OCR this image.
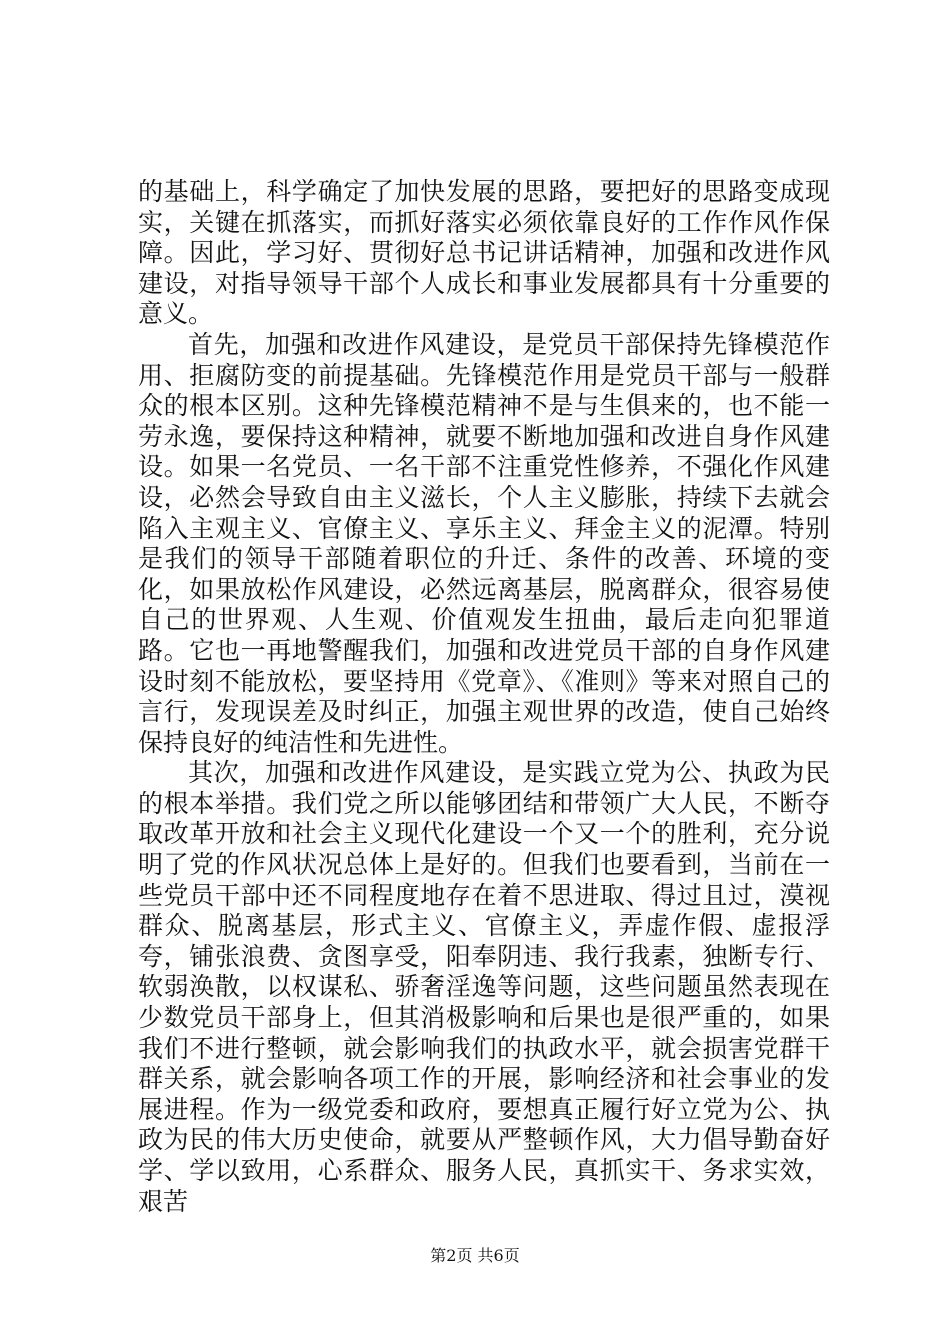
的基础上，科学确定了加快发展的思路，要把好的思路变成现实，关键在抓落实，而抓好落实必须依靠良好的工作作风作保障。因此，学习好、贯彻好总书记讲话精神，加强和改进作风建设，对指导领导干部个人成长和事业发展都具有十分重要的意义。

首先，加强和改进作风建设，是党员干部保持先锋模范作用、拒腐防变的前提基础。先锋模范作用是党员干部与一般群众的根本区别。这种先锋模范精神不是与生俱来的，也不能一劳永逸，要保持这种精神，就要不断地加强和改进自身作风建设。如果一名党员、一名干部不注重党性修养，不强化作风建设，必然会导致自由主义滋长，个人主义膨胀，持续下去就会陷入主观主义、官僚主义、享乐主义、拜金主义的泥潭。特别是我们的领导干部随着职位的升迁、条件的改善、环境的变化，如果放松作风建设，必然远离基层，脱离群众，很容易使自己的世界观、人生观、价值观发生扭曲，最后走向犯罪道路。它也一再地警醒我们，加强和改进党员干部的自身作风建设时刻不能放松，要坚持用《党章》、《准则》等来对照自己的言行，发现误差及时纠正，加强主观世界的改造，使自己始终保持良好的纯洁性和先进性。

其次，加强和改进作风建设，是实践立党为公、执政为民的根本举措。我们党之所以能够团结和带领广大人民，不断夺取改革开放和社会主义现代化建设一个又一个的胜利，充分说明了党的作风状况总体上是好的。但我们也要看到，当前在一些党员干部中还不同程度地存在着不思进取、得过且过，漠视群众、脱离基层，形式主义、官僚主义，弄虚作假、虚报浮夸，铺张浪费、贪图享受，阳奉阴违、我行我素，独断专行、软弱涣散，以权谋私、骄奢淫逸等问题，这些问题虽然表现在少数党员干部身上，但其消极影响和后果也是很严重的，如果我们不进行整顿，就会影响我们的执政水平，就会损害党群干群关系，就会影响各项工作的开展，影响经济和社会事业的发展进程。作为一级党委和政府，要想真正履行好立党为公、执政为民的伟大历史使命，就要从严整顿作风，大力倡导勤奋好学、学以致用，心系群众、服务人民，真抓实干、务求实效，艰苦

第2页 共6页
